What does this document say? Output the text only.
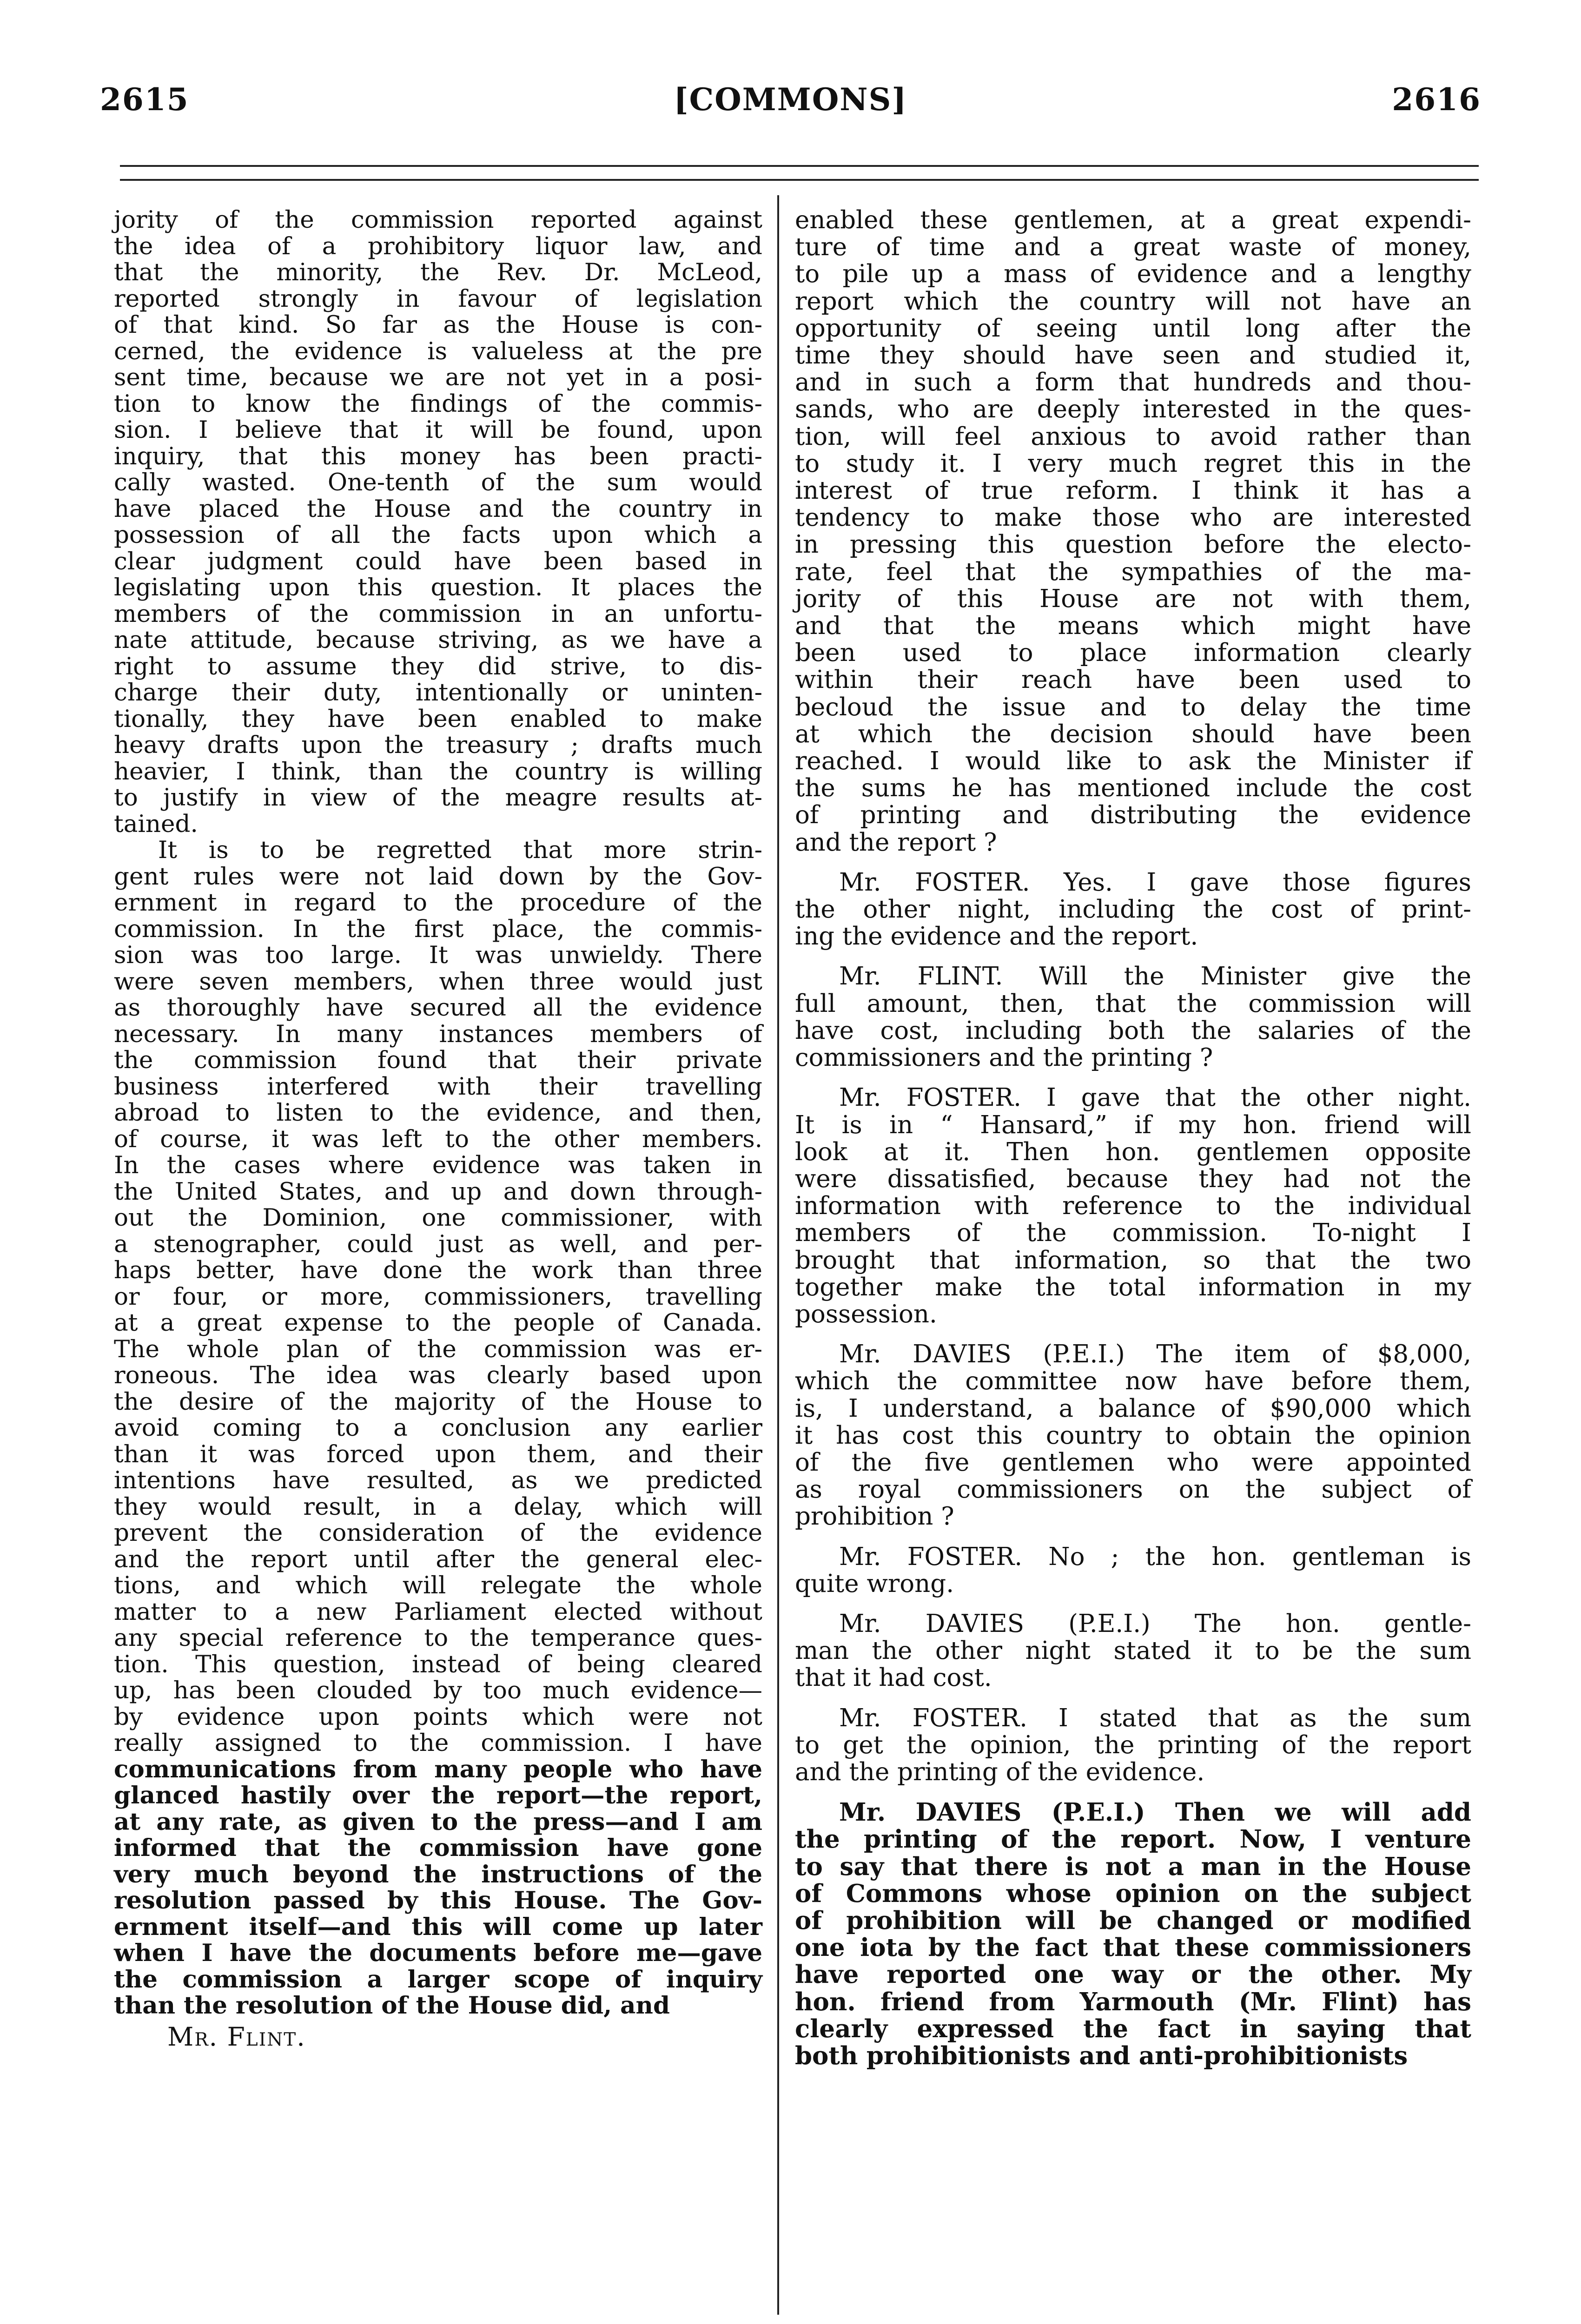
2615	[COMMONS]	2616
jority of the commission reported against
the idea of a prohibitory liquor law, and
that the minority, the Rev. Dr. McLeod,
reported strongly in favour of legislation
of that kind. So far as the House is con-
cerned, the evidence is valueless at the pre
sent time, because we are not yet in a posi-
tion to know the findings of the commis-
sion. I believe that it will be found, upon
inquiry, that this money has been practi-
cally wasted. One-tenth of the sum would
have placed the House and the country in
possession of all the facts upon which a
clear judgment could have been based in
legislating upon this question. It places the
members of the commission in an unfortu-
nate attitude, because striving, as we have a
right to assume they did strive, to dis-
charge their duty, intentionally or uninten-
tionally, they have been enabled to make
heavy drafts upon the treasury ; drafts much
heavier, I think, than the country is willing
to justify in view of the meagre results at-
tained.
It is to be regretted that more strin-
gent rules were not laid down by the Gov-
ernment in regard to the procedure of the
commission. In the first place, the commis-
sion was too large. It was unwieldy. There
were seven members, when three would just
as thoroughly have secured all the evidence
necessary. In many instances members of
the commission found that their private
business interfered with their travelling
abroad to listen to the evidence, and then,
of course, it was left to the other members.
In the cases where evidence was taken in
the United States, and up and down through-
out the Dominion, one commissioner, with
a stenographer, could just as well, and per-
haps better, have done the work than three
or four, or more, commissioners, travelling
at a great expense to the people of Canada.
The whole plan of the commission was er-
roneous. The idea was clearly based upon
the desire of the majority of the House to
avoid coming to a conclusion any earlier
than it was forced upon them, and their
intentions have resulted, as we predicted
they would result, in a delay, which will
prevent the consideration of the evidence
and the report until after the general elec-
tions, and which will relegate the whole
matter to a new Parliament elected without
any special reference to the temperance ques-
tion. This question, instead of being cleared
up, has been clouded by too much evidence—
by evidence upon points which were not
really assigned to the commission. I have
communications from many people who have
glanced hastily over the report—the report,
at any rate, as given to the press—and I am
informed that the commission have gone
very much beyond the instructions of the
resolution passed by this House. The Gov-
ernment itself—and this will come up later
when I have the documents before me—gave
the commission a larger scope of inquiry
than the resolution of the House did, and
Mr. Flint.
enabled these gentlemen, at a great expendi-
ture of time and a great waste of money,
to pile up a mass of evidence and a lengthy
report which the country will not have an
opportunity of seeing until long after the
time they should have seen and studied it,
and in such a form that hundreds and thou-
sands, who are deeply interested in the ques-
tion, will feel anxious to avoid rather than
to study it. I very much regret this in the
interest of true reform. I think it has a
tendency to make those who are interested
in pressing this question before the electo-
rate, feel that the sympathies of the ma-
jority of this House are not with them,
and that the means which might have
been used to place information clearly
within their reach have been used to
becloud the issue and to delay the time
at which the decision should have been
reached. I would like to ask the Minister if
the sums he has mentioned include the cost
of printing and distributing the evidence
and the report ?
Mr. FOSTER. Yes. I gave those figures
the other night, including the cost of print-
ing the evidence and the report.
Mr. FLINT. Will the Minister give the
full amount, then, that the commission will
have cost, including both the salaries of the
commissioners and the printing ?
Mr. FOSTER. I gave that the other night.
It is in “ Hansard,” if my hon. friend will
look at it. Then hon. gentlemen opposite
were dissatisfied, because they had not the
information with reference to the individual
members of the commission. To-night I
brought that information, so that the two
together make the total information in my
possession.
Mr. DAVIES (P.E.I.) The item of $8,000,
which the committee now have before them,
is, I understand, a balance of $90,000 which
it has cost this country to obtain the opinion
of the five gentlemen who were appointed
as royal commissioners on the subject of
prohibition ?
Mr. FOSTER. No ; the hon. gentleman is
quite wrong.
Mr. DAVIES (P.E.I.) The hon. gentle-
man the other night stated it to be the sum
that it had cost.
Mr. FOSTER. I stated that as the sum
to get the opinion, the printing of the report
and the printing of the evidence.
Mr. DAVIES (P.E.I.) Then we will add
the printing of the report. Now, I venture
to say that there is not a man in the House
of Commons whose opinion on the subject
of prohibition will be changed or modified
one iota by the fact that these commissioners
have reported one way or the other. My
hon. friend from Yarmouth (Mr. Flint) has
clearly expressed the fact in saying that
both prohibitionists and anti-prohibitionists
